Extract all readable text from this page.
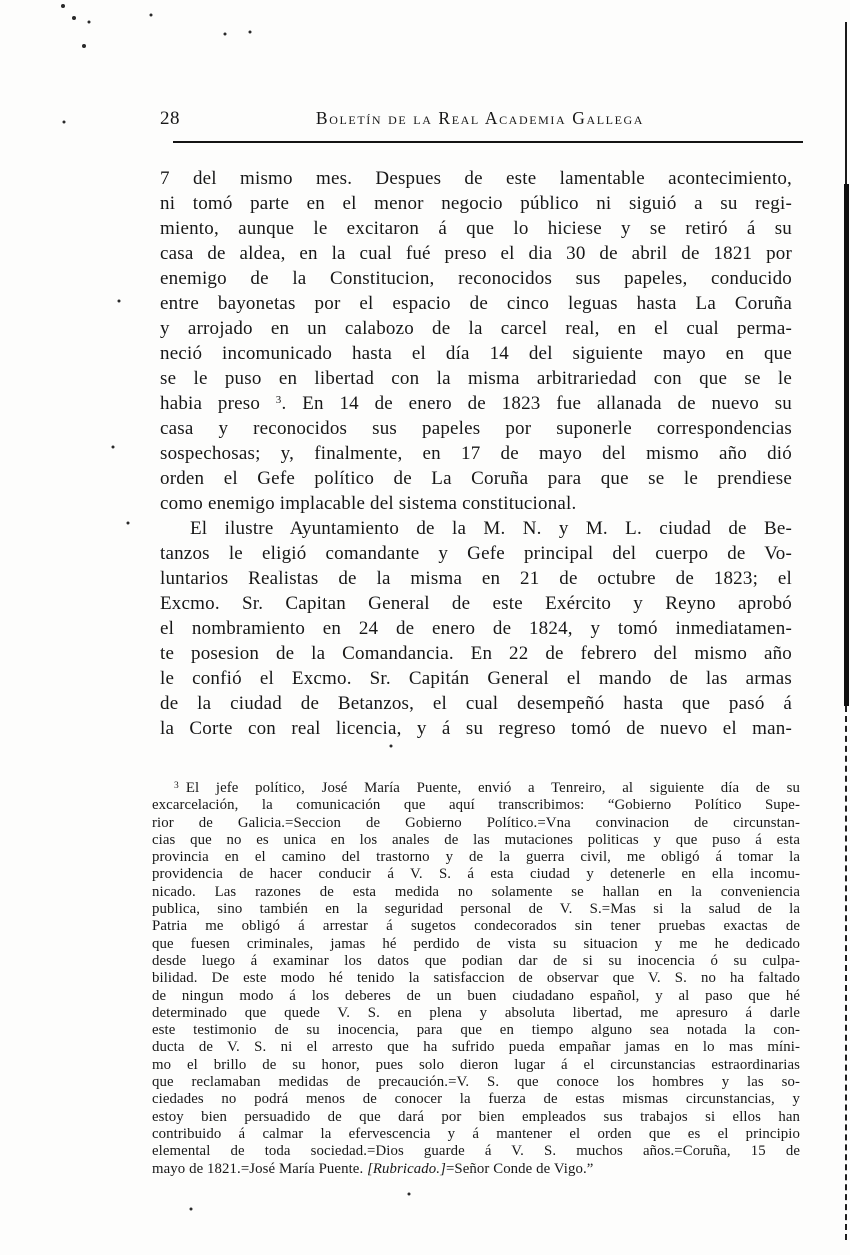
28	Boletín de la Real Academia Gallega
7 del mismo mes. Despues de este lamentable acontecimiento,
ni tomó parte en el menor negocio público ni siguió a su regi-
miento, aunque le excitaron á que lo hiciese y se retiró á su
casa de aldea, en la cual fué preso el dia 30 de abril de 1821 por
enemigo de la Constitucion, reconocidos sus papeles, conducido
entre bayonetas por el espacio de cinco leguas hasta La Coruña
y arrojado en un calabozo de la carcel real, en el cual perma-
neció incomunicado hasta el día 14 del siguiente mayo en que
se le puso en libertad con la misma arbitrariedad con que se le
habia preso $^3$. En 14 de enero de 1823 fue allanada de nuevo su
casa y reconocidos sus papeles por suponerle correspondencias
sospechosas; y, finalmente, en 17 de mayo del mismo año dió
orden el Gefe político de La Coruña para que se le prendiese
como enemigo implacable del sistema constitucional.
El ilustre Ayuntamiento de la M. N. y M. L. ciudad de Be-
tanzos le eligió comandante y Gefe principal del cuerpo de Vo-
luntarios Realistas de la misma en 21 de octubre de 1823; el
Excmo. Sr. Capitan General de este Exército y Reyno aprobó
el nombramiento en 24 de enero de 1824, y tomó inmediatamen-
te posesion de la Comandancia. En 22 de febrero del mismo año
le confió el Excmo. Sr. Capitán General el mando de las armas
de la ciudad de Betanzos, el cual desempeñó hasta que pasó á
la Corte con real licencia, y á su regreso tomó de nuevo el man-
$^3$ El jefe político, José María Puente, envió a Tenreiro, al siguiente día de su
excarcelación, la comunicación que aquí transcribimos: “Gobierno Político Supe-
rior de Galicia.=Seccion de Gobierno Político.=Vna convinacion de circunstan-
cias que no es unica en los anales de las mutaciones politicas y que puso á esta
provincia en el camino del trastorno y de la guerra civil, me obligó á tomar la
providencia de hacer conducir á V. S. á esta ciudad y detenerle en ella incomu-
nicado. Las razones de esta medida no solamente se hallan en la conveniencia
publica, sino también en la seguridad personal de V. S.=Mas si la salud de la
Patria me obligó á arrestar á sugetos condecorados sin tener pruebas exactas de
que fuesen criminales, jamas hé perdido de vista su situacion y me he dedicado
desde luego á examinar los datos que podian dar de si su inocencia ó su culpa-
bilidad. De este modo hé tenido la satisfaccion de observar que V. S. no ha faltado
de ningun modo á los deberes de un buen ciudadano español, y al paso que hé
determinado que quede V. S. en plena y absoluta libertad, me apresuro á darle
este testimonio de su inocencia, para que en tiempo alguno sea notada la con-
ducta de V. S. ni el arresto que ha sufrido pueda empañar jamas en lo mas míni-
mo el brillo de su honor, pues solo dieron lugar á el circunstancias estraordinarias
que reclamaban medidas de precaución.=V. S. que conoce los hombres y las so-
ciedades no podrá menos de conocer la fuerza de estas mismas circunstancias, y
estoy bien persuadido de que dará por bien empleados sus trabajos si ellos han
contribuido á calmar la efervescencia y á mantener el orden que es el principio
elemental de toda sociedad.=Dios guarde á V. S. muchos años.=Coruña, 15 de
mayo de 1821.=José María Puente. [Rubricado.]=Señor Conde de Vigo.”
